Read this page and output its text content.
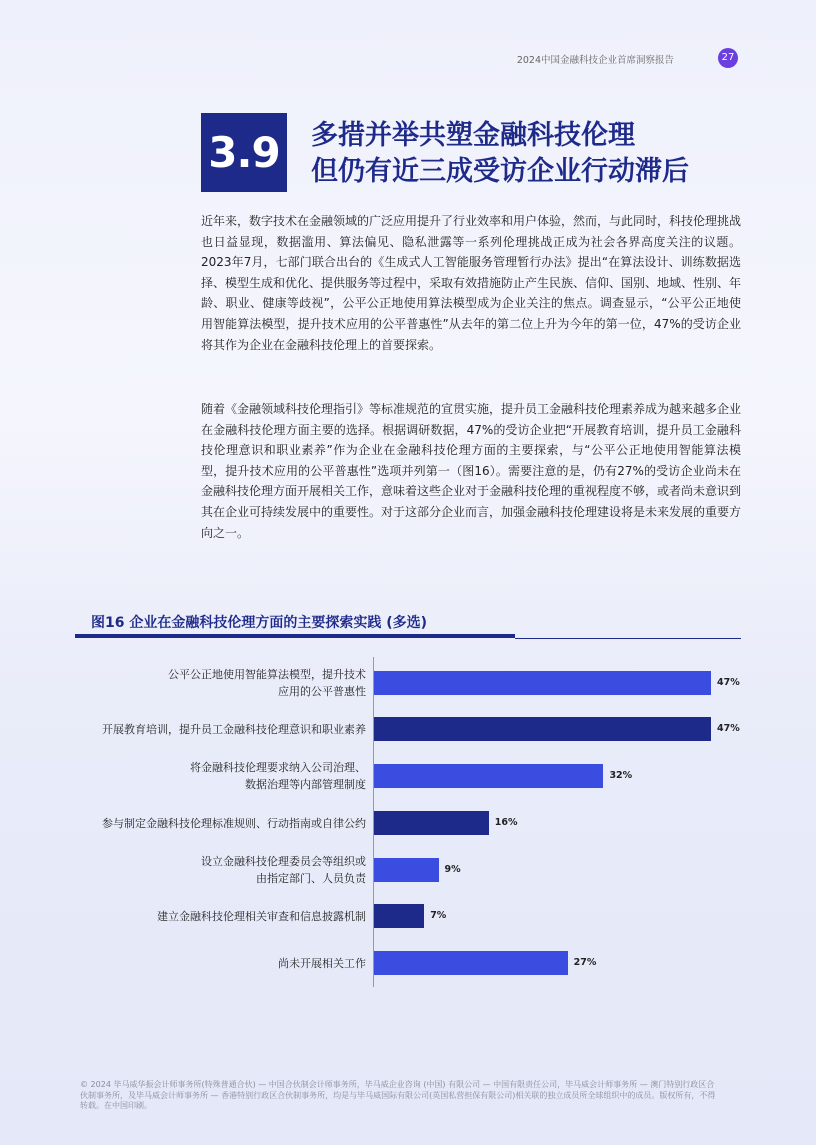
2024中国金融科技企业首席洞察报告	27
3.9 多措并举共塑金融科技伦理
但仍有近三成受访企业行动滞后

近年来，数字技术在金融领域的广泛应用提升了行业效率和用户体验，然而，与此同时，科技伦理挑战也日益显现，数据滥用、算法偏见、隐私泄露等一系列伦理挑战正成为社会各界高度关注的议题。2023年7月，七部门联合出台的《生成式人工智能服务管理暂行办法》提出“在算法设计、训练数据选择、模型生成和优化、提供服务等过程中，采取有效措施防止产生民族、信仰、国别、地域、性别、年龄、职业、健康等歧视”，公平公正地使用算法模型成为企业关注的焦点。调查显示，“公平公正地使用智能算法模型，提升技术应用的公平普惠性”从去年的第二位上升为今年的第一位，47%的受访企业将其作为企业在金融科技伦理上的首要探索。

随着《金融领域科技伦理指引》等标准规范的宣贯实施，提升员工金融科技伦理素养成为越来越多企业在金融科技伦理方面主要的选择。根据调研数据，47%的受访企业把“开展教育培训，提升员工金融科技伦理意识和职业素养”作为企业在金融科技伦理方面的主要探索，与“公平公正地使用智能算法模型，提升技术应用的公平普惠性”选项并列第一（图16）。需要注意的是，仍有27%的受访企业尚未在金融科技伦理方面开展相关工作，意味着这些企业对于金融科技伦理的重视程度不够，或者尚未意识到其在企业可持续发展中的重要性。对于这部分企业而言，加强金融科技伦理建设将是未来发展的重要方向之一。

图16 企业在金融科技伦理方面的主要探索实践 (多选)
公平公正地使用智能算法模型，提升技术
应用的公平普惠性
47%
开展教育培训，提升员工金融科技伦理意识和职业素养	47%
将金融科技伦理要求纳入公司治理、
数据治理等内部管理制度
32%
参与制定金融科技伦理标准规则、行动指南或自律公约	16%
设立金融科技伦理委员会等组织或
由指定部门、人员负责
9%
建立金融科技伦理相关审查和信息披露机制	7%
尚未开展相关工作	27%
© 2024 毕马威华振会计师事务所(特殊普通合伙) — 中国合伙制会计师事务所，毕马威企业咨询 (中国) 有限公司 — 中国有限责任公司，毕马威会计师事务所 — 澳门特别行政区合伙制事务所，及毕马威会计师事务所 — 香港特别行政区合伙制事务所，均是与毕马威国际有限公司(英国私营担保有限公司)相关联的独立成员所全球组织中的成员。版权所有，不得转载。在中国印刷。
